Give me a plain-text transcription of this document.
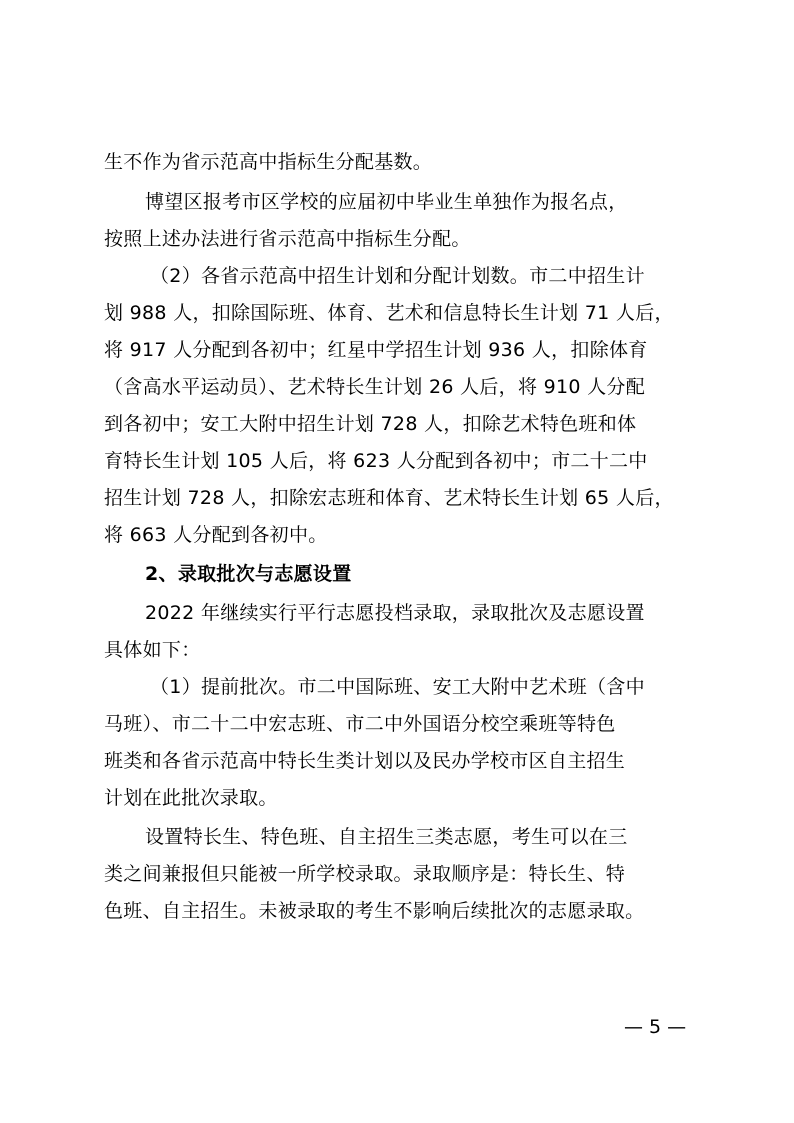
生不作为省示范高中指标生分配基数。
博望区报考市区学校的应届初中毕业生单独作为报名点，
按照上述办法进行省示范高中指标生分配。
（2）各省示范高中招生计划和分配计划数。市二中招生计
划 988 人，扣除国际班、体育、艺术和信息特长生计划 71 人后，
将 917 人分配到各初中；红星中学招生计划 936 人，扣除体育
（含高水平运动员）、艺术特长生计划 26 人后，将 910 人分配
到各初中；安工大附中招生计划 728 人，扣除艺术特色班和体
育特长生计划 105 人后，将 623 人分配到各初中；市二十二中
招生计划 728 人，扣除宏志班和体育、艺术特长生计划 65 人后，
将 663 人分配到各初中。
2、录取批次与志愿设置
2022 年继续实行平行志愿投档录取，录取批次及志愿设置
具体如下：
（1）提前批次。市二中国际班、安工大附中艺术班（含中
马班）、市二十二中宏志班、市二中外国语分校空乘班等特色
班类和各省示范高中特长生类计划以及民办学校市区自主招生
计划在此批次录取。
设置特长生、特色班、自主招生三类志愿，考生可以在三
类之间兼报但只能被一所学校录取。录取顺序是：特长生、特
色班、自主招生。未被录取的考生不影响后续批次的志愿录取。
— 5 —
